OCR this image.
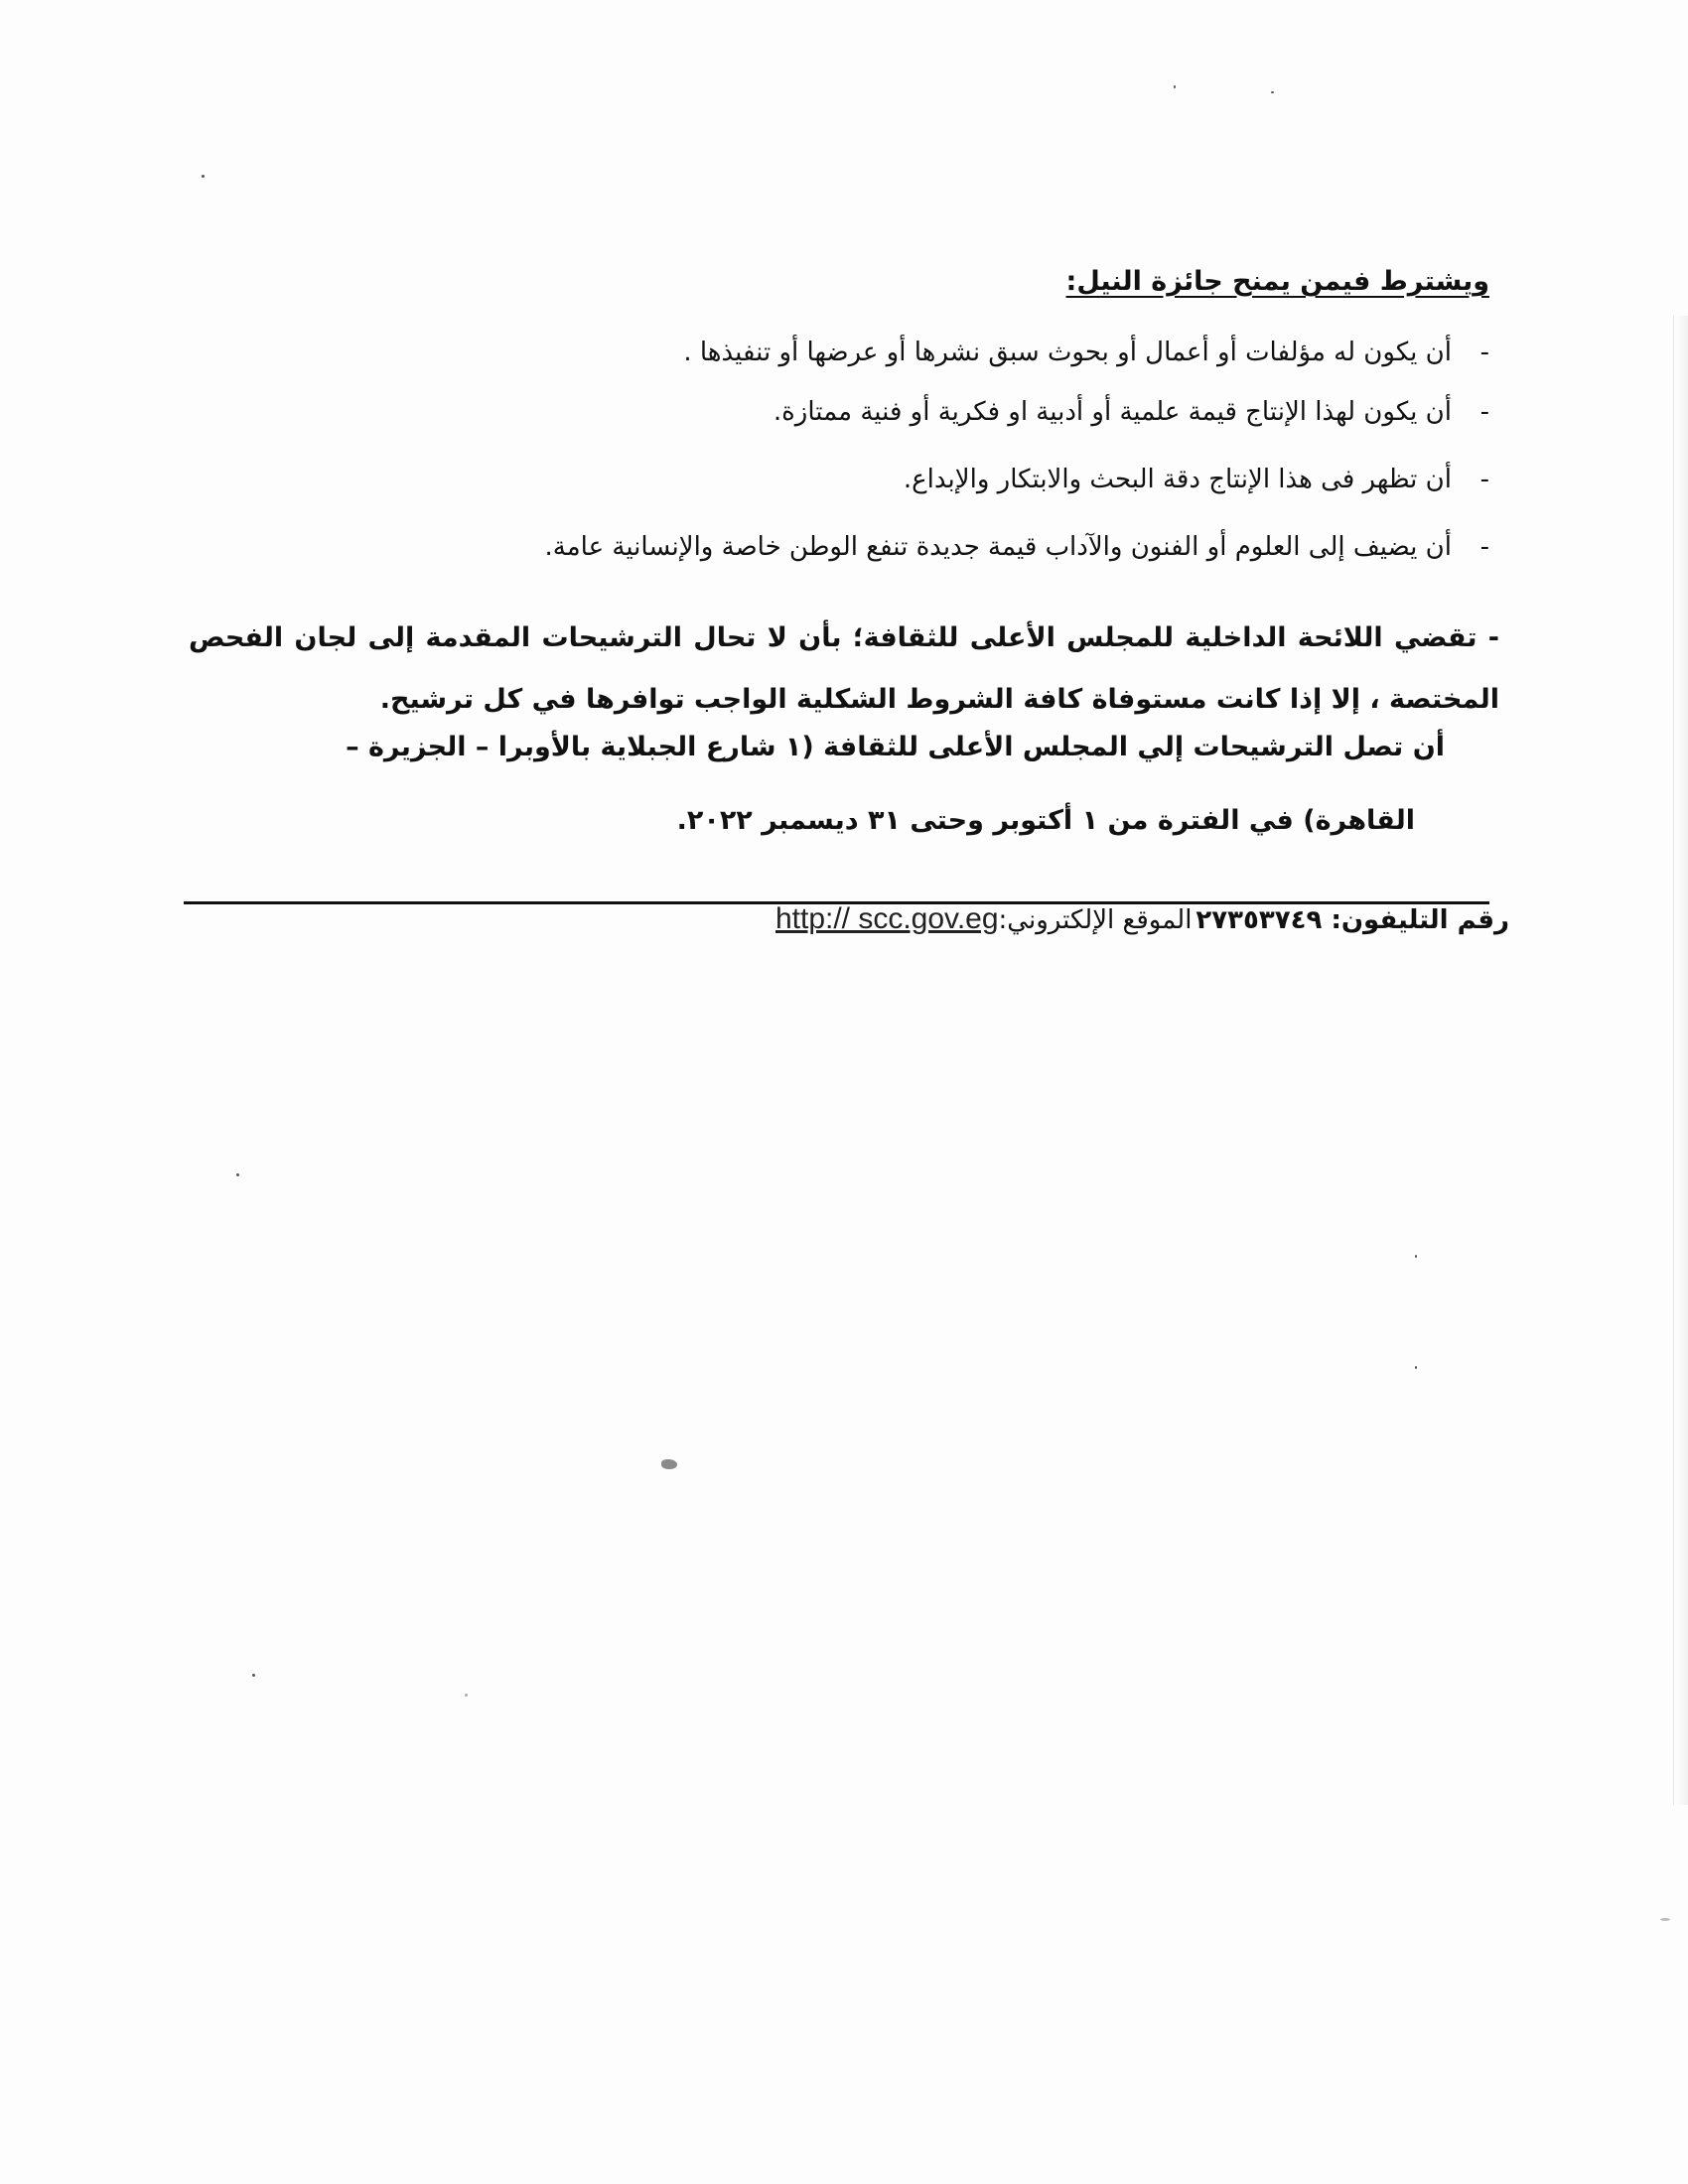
ويشترط فيمن يمنح جائزة النيل:
-
أن يكون له مؤلفات أو أعمال أو بحوث سبق نشرها أو عرضها أو تنفيذها .
-
أن يكون لهذا الإنتاج قيمة علمية أو أدبية او فكرية أو فنية ممتازة.
-
أن تظهر فى هذا الإنتاج دقة البحث والابتكار والإبداع.
-
أن يضيف إلى العلوم أو الفنون والآداب قيمة جديدة تنفع الوطن خاصة والإنسانية عامة.
- تقضي اللائحة الداخلية للمجلس الأعلى للثقافة؛ بأن لا تحال الترشيحات المقدمة إلى لجان الفحص المختصة ، إلا إذا كانت مستوفاة كافة الشروط الشكلية الواجب توافرها في كل ترشيح.
أن تصل الترشيحات إلي المجلس الأعلى للثقافة (١ شارع الجبلاية بالأوبرا – الجزيرة –
القاهرة) في الفترة من ١ أكتوبر وحتى ٣١ ديسمبر ٢٠٢٢.
رقم التليفون: ٢٧٣٥٣٧٤٩الموقع الإلكتروني:http:// scc.gov.eg
